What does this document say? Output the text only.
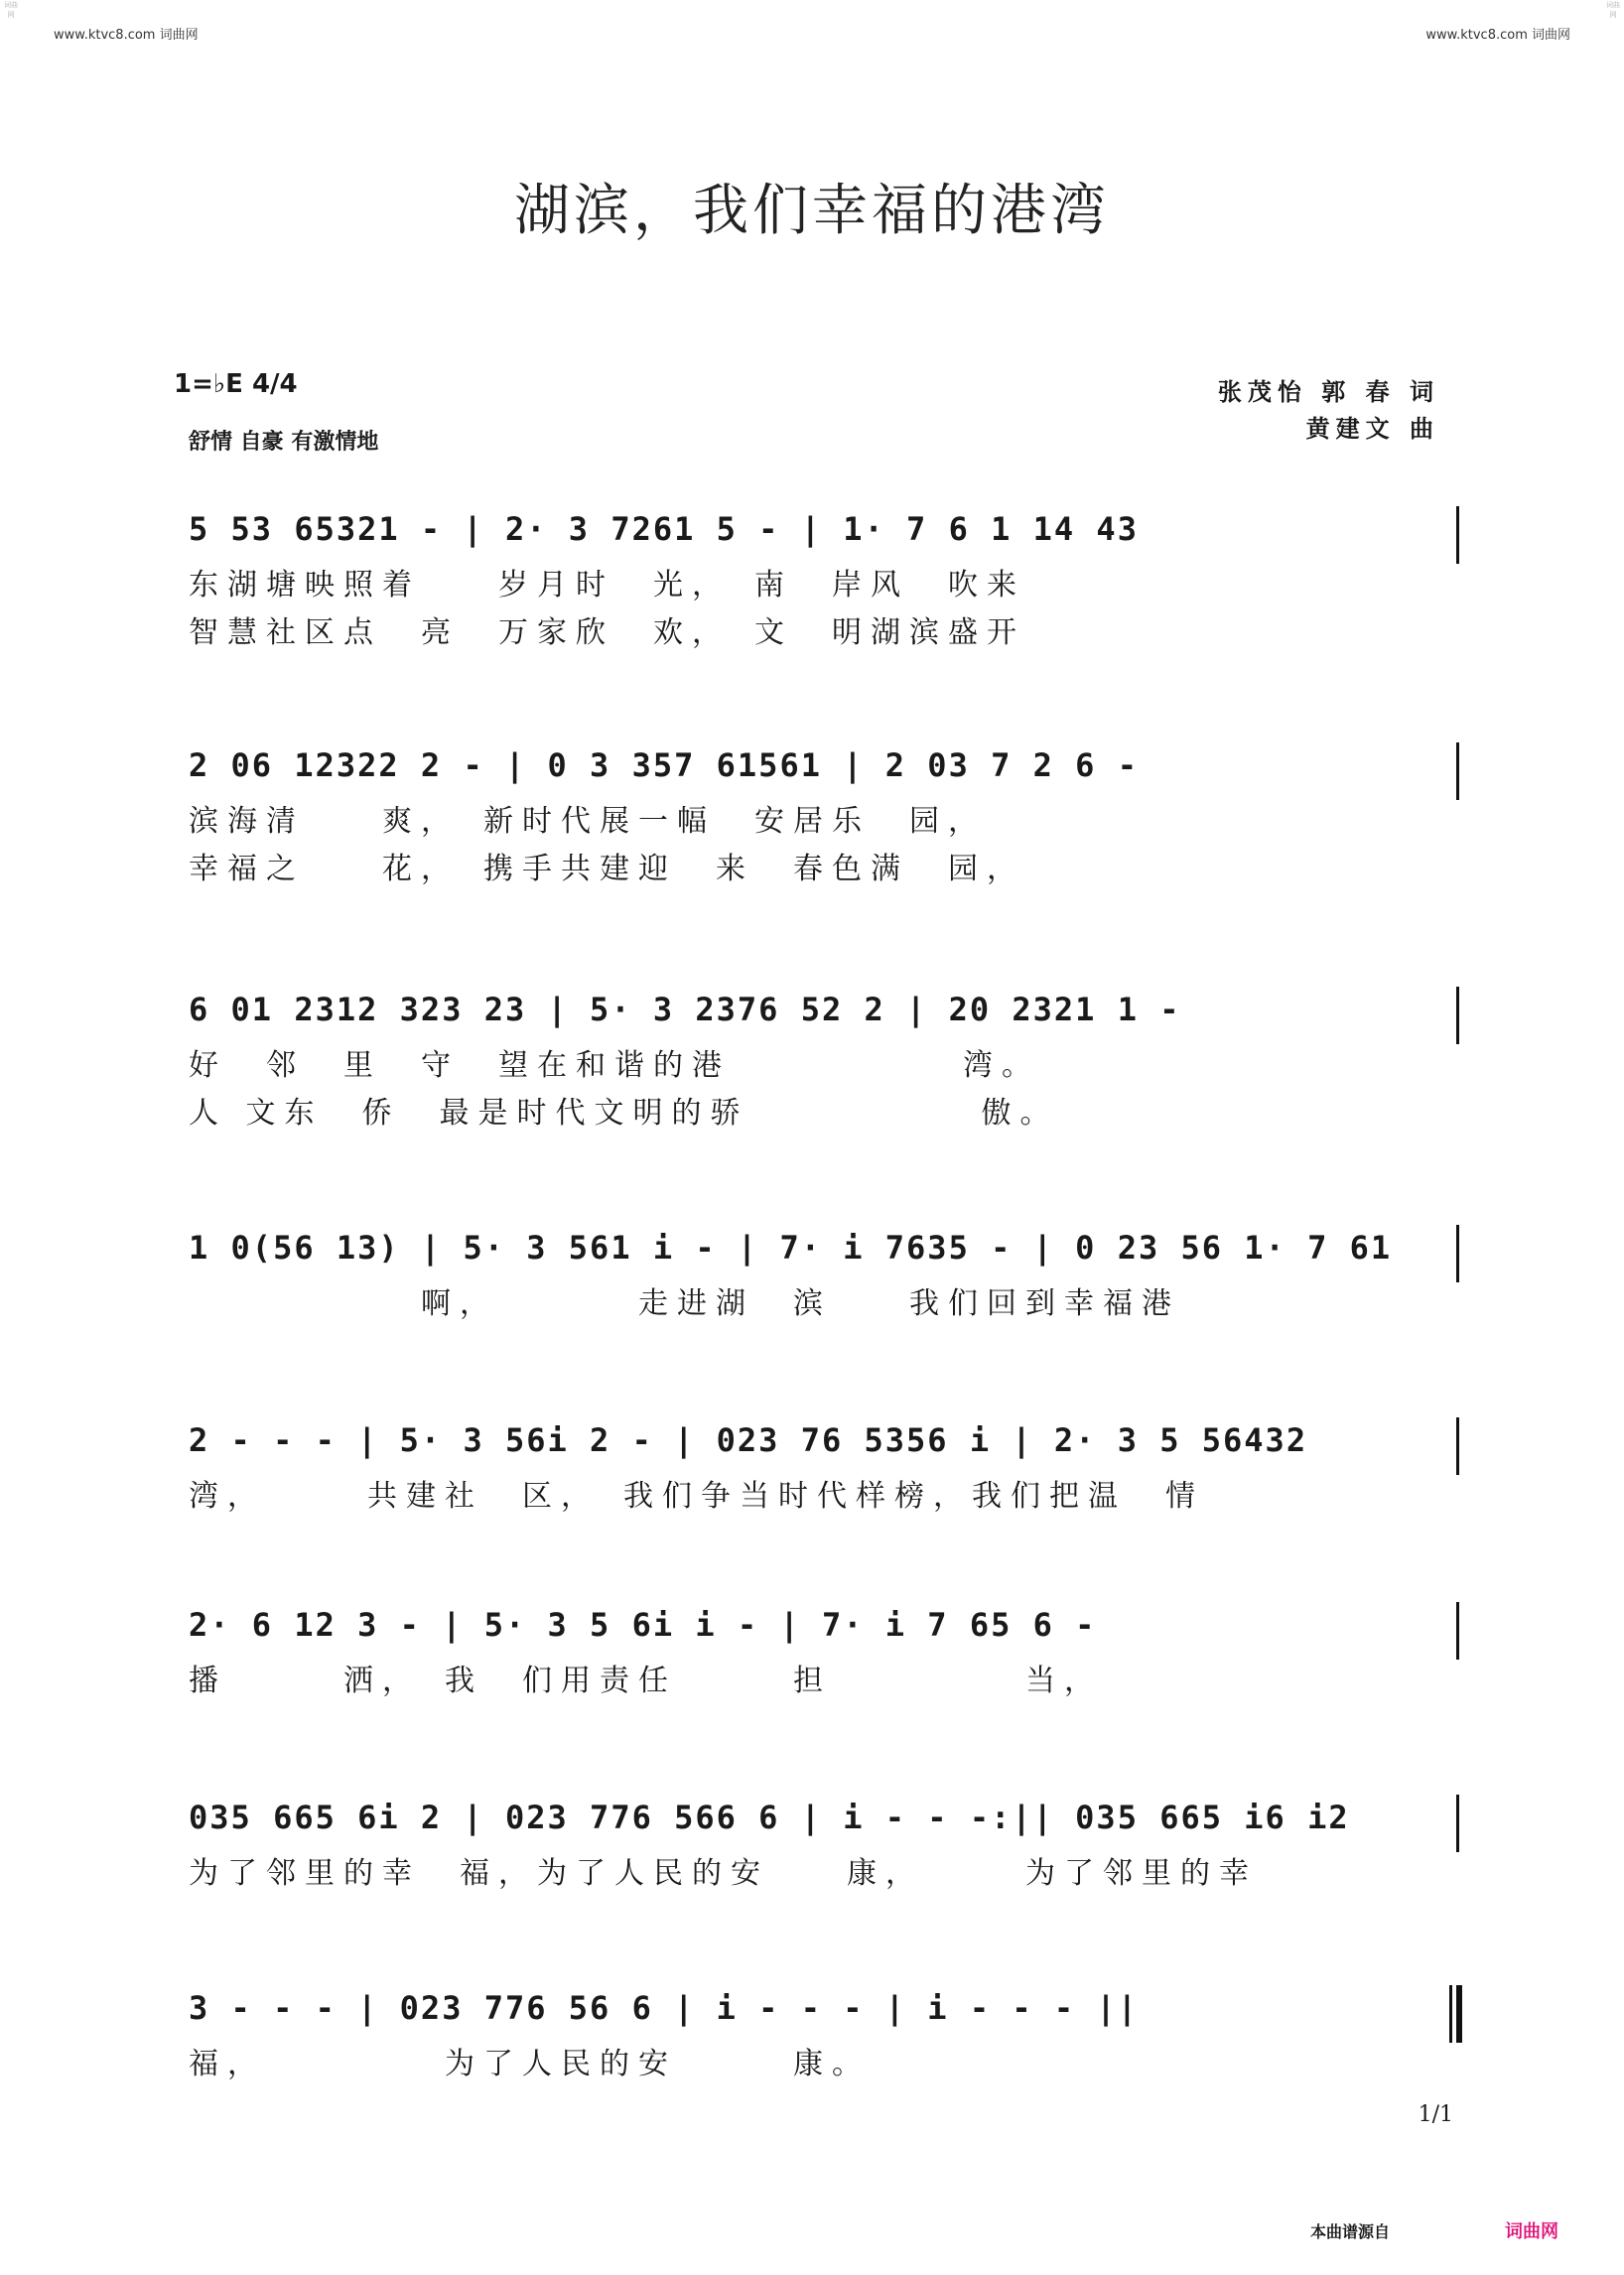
词曲网
词曲网
www.ktvc8.com 词曲网	www.ktvc8.com 词曲网
湖滨，我们幸福的港湾
1=♭E 4/4
舒情 自豪 有激情地
张茂怡 郭 春 词
黄建文 曲
5 53 65321 - | 2· 3 7261 5 - | 1· 7 6 1 14 43
东湖塘映照着　　岁月时　光，　南　岸风　吹来
智慧社区点　亮　万家欣　欢，　文　明湖滨盛开
2 06 12322 2 - | 0 3 357 61561 | 2 03 7 2 6 -
滨海清　　爽，　新时代展一幅　安居乐　园，
幸福之　　花，　携手共建迎　来　春色满　园，
6 01 2312 323 23 | 5· 3 2376 52 2 | 20 2321 1 -
好　邻　里　守　望在和谐的港　　　　　　湾。
人 文东　侨　最是时代文明的骄　　　　　　傲。
1 0(56 13) | 5· 3 561 i - | 7· i 7635 - | 0 23 56 1· 7 61
　　　　　　啊，　　　　走进湖　滨　　我们回到幸福港
2 - - - | 5· 3 56i 2 - | 023 76 5356 i | 2· 3 5 56432
湾，　　　共建社　区，　我们争当时代样榜，我们把温　情
2· 6 12 3 - | 5· 3 5 6i i - | 7· i 7 65 6 -
播　　　洒，　我　们用责任　　　担　　　　　当，
035 665 6i 2 | 023 776 566 6 | i - - -:|| 035 665 i6 i2
为了邻里的幸　福，为了人民的安　　康，　　　为了邻里的幸
3 - - - | 023 776 56 6 | i - - - | i - - - ||
福，　　　　　为了人民的安　　　康。
1/1
本曲谱源自	词曲网
